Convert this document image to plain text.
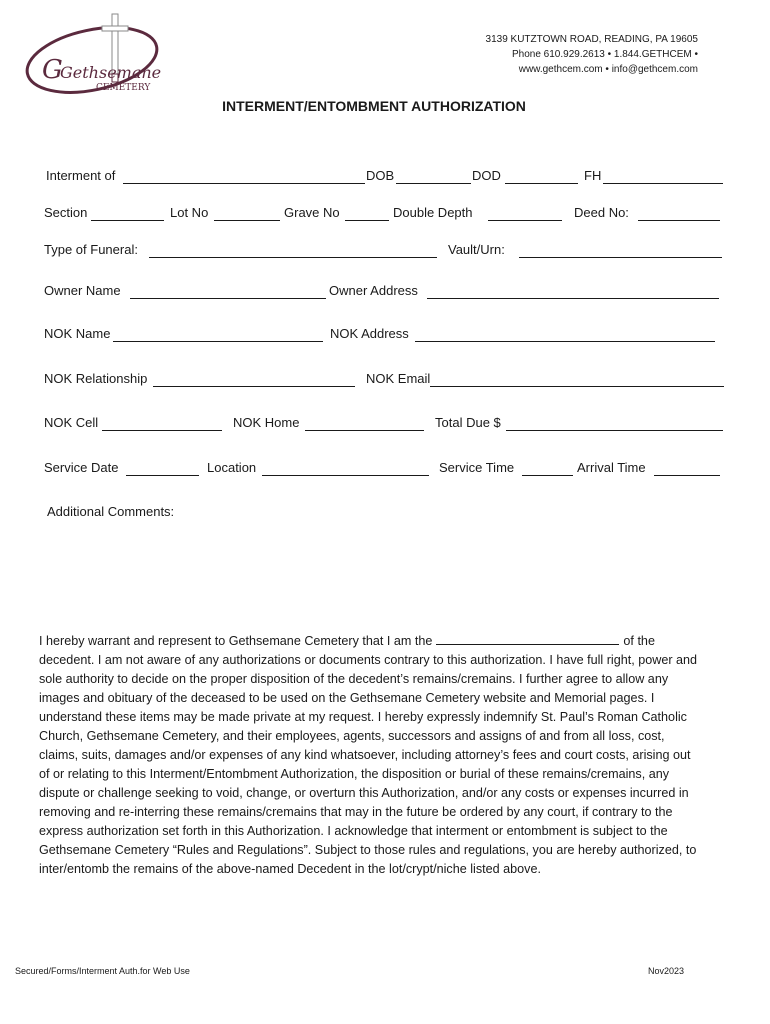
G
Gethsemane
CEMETERY
3139 KUTZTOWN ROAD, READING, PA 19605
Phone 610.929.2613 • 1.844.GETHCEM •
www.gethcem.com • info@gethcem.com
INTERMENT/ENTOMBMENT AUTHORIZATION
Interment of	DOB	DOD	FH
Section	Lot No	Grave No	Double Depth	Deed No:
Type of Funeral:	Vault/Urn:
Owner Name	Owner Address
NOK Name	NOK Address
NOK Relationship	NOK Email
NOK Cell	NOK Home	Total Due $
Service Date	Location	Service Time	Arrival Time
Additional Comments:
I hereby warrant and represent to Gethsemane Cemetery that I am the	of the decedent. I am not aware of any authorizations or documents contrary to this authorization. I have full right, power and sole authority to decide on the proper disposition of the decedent’s remains/cremains. I further agree to allow any images and obituary of the deceased to be used on the Gethsemane Cemetery website and Memorial pages. I understand these items may be made private at my request. I hereby expressly indemnify St. Paul’s Roman Catholic Church, Gethsemane Cemetery, and their employees, agents, successors and assigns of and from all loss, cost, claims, suits, damages and/or expenses of any kind whatsoever, including attorney’s fees and court costs, arising out of or relating to this Interment/Entombment Authorization, the disposition or burial of these remains/cremains, any dispute or challenge seeking to void, change, or overturn this Authorization, and/or any costs or expenses incurred in removing and re-interring these remains/cremains that may in the future be ordered by any court, if contrary to the express authorization set forth in this Authorization. I acknowledge that interment or entombment is subject to the Gethsemane Cemetery “Rules and Regulations”. Subject to those rules and regulations, you are hereby authorized, to inter/entomb the remains of the above-named Decedent in the lot/crypt/niche listed above.
Secured/Forms/Interment Auth.for Web Use	Nov2023
